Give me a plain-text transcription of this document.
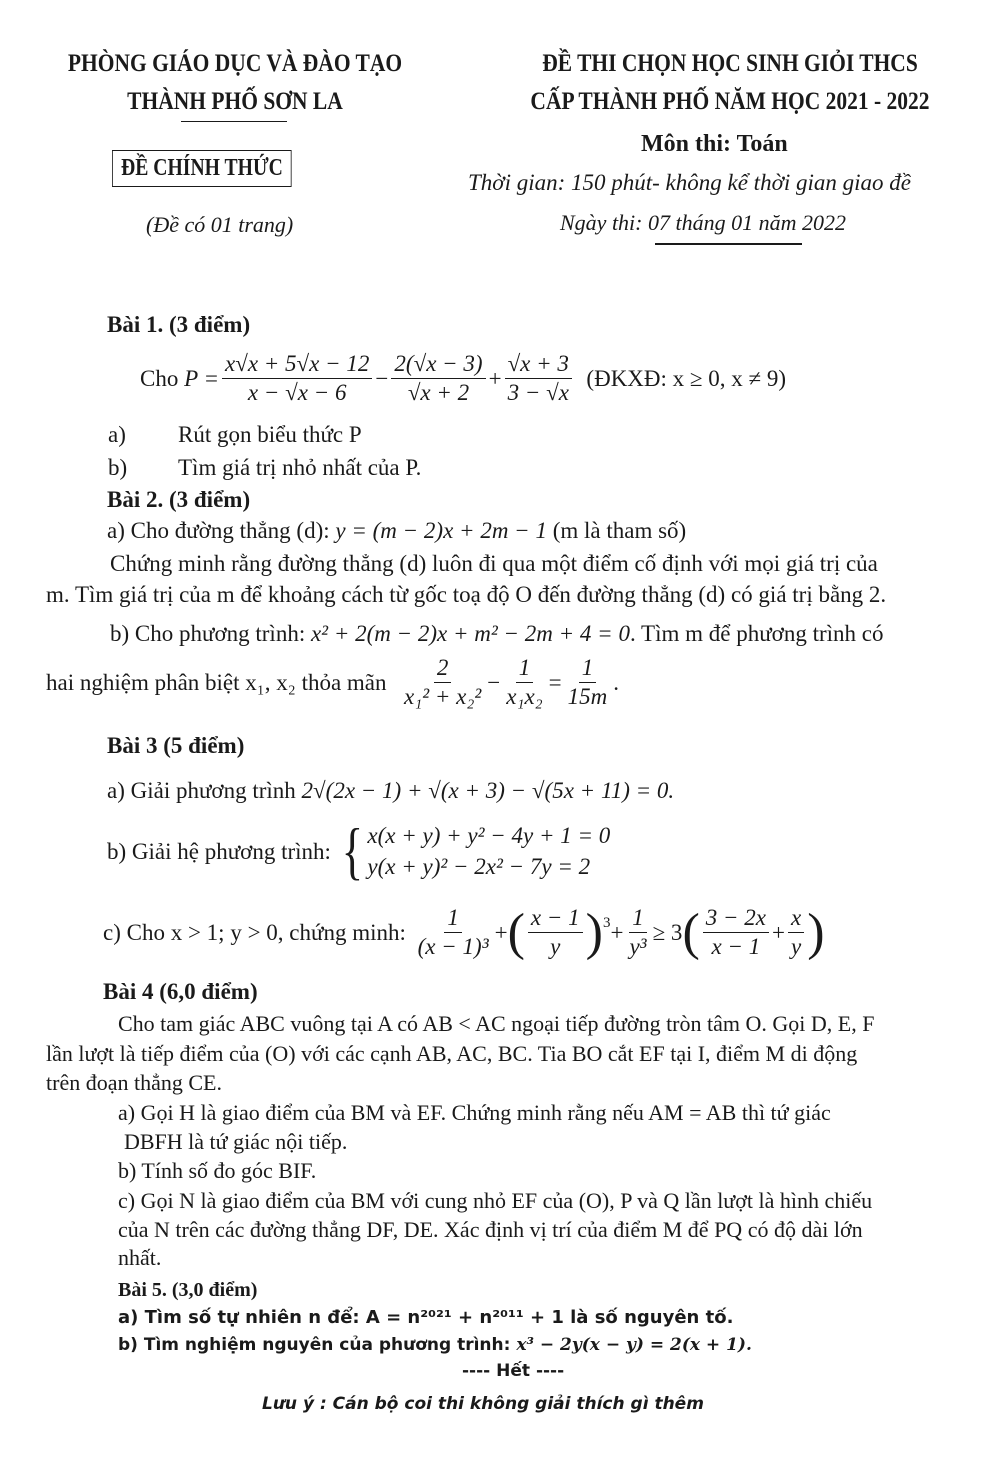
PHÒNG GIÁO DỤC VÀ ĐÀO TẠO
THÀNH PHỐ SƠN LA
ĐỀ CHÍNH THỨC
(Đề có 01 trang)
ĐỀ THI CHỌN HỌC SINH GIỎI THCS
CẤP THÀNH PHỐ NĂM HỌC 2021 - 2022
Môn thi: Toán
Thời gian: 150 phút- không kể thời gian giao đề
Ngày thi: 07 tháng 01 năm 2022
Bài 1. (3 điểm)
Cho
$P = \frac{x√x + 5√x - 12}{x - √x - 6} - \frac{2(√x - 3)}{√x + 2} + \frac{√x + 3}{3 - √x}$
(ĐKXĐ: x ≥ 0, x ≠ 9)
a) Rút gọn biểu thức P
b) Tìm giá trị nhỏ nhất của P.
Bài 2. (3 điểm)
a) Cho đường thẳng (d): y = (m − 2)x + 2m − 1 (m là tham số)
Chứng minh rằng đường thẳng (d) luôn đi qua một điểm cố định với mọi giá trị của
m. Tìm giá trị của m để khoảng cách từ gốc toạ độ O đến đường thẳng (d) có giá trị bằng 2.
b) Cho phương trình: x² + 2(m − 2)x + m² − 2m + 4 = 0. Tìm m để phương trình có
hai nghiệm phân biệt x₁, x₂ thỏa mãn
$\frac{2}{\text{x₁² + x₂²}} - \frac{1}{\text{x₁x₂}} = \frac{1}{15m}$ .
Bài 3 (5 điểm)
a) Giải phương trình 2√(2x − 1) + √(x + 3) − √(5x + 11) = 0.
b) Giải hệ phương trình:
{ x(x + y) + y² − 4y + 1 = 0
y(x + y)² − 2x² − 7y = 2
c) Cho x > 1; y > 0, chứng minh:
$\frac{1}{\text{(x − 1)³}}$ + ( $\frac{x - 1}{y} )^3 + \frac{1}{\text{y³}} \ge 3$ ( $\frac{3 - 2x}{x - 1} + \frac{x}{y}$ )
Bài 4 (6,0 điểm)
Cho tam giác ABC vuông tại A có AB < AC ngoại tiếp đường tròn tâm O. Gọi D, E, F
lần lượt là tiếp điểm của (O) với các cạnh AB, AC, BC. Tia BO cắt EF tại I, điểm M di động
trên đoạn thẳng CE.
a) Gọi H là giao điểm của BM và EF. Chứng minh rằng nếu AM = AB thì tứ giác
DBFH là tứ giác nội tiếp.
b) Tính số đo góc BIF.
c) Gọi N là giao điểm của BM với cung nhỏ EF của (O), P và Q lần lượt là hình chiếu
của N trên các đường thẳng DF, DE. Xác định vị trí của điểm M để PQ có độ dài lớn
nhất.
Bài 5. (3,0 điểm)
a) Tìm số tự nhiên n để: A = n²⁰²¹ + n²⁰¹¹ + 1 là số nguyên tố.
b) Tìm nghiệm nguyên của phương trình: x³ − 2y(x − y) = 2(x + 1).
---- Hết ----
Lưu ý : Cán bộ coi thi không giải thích gì thêm
